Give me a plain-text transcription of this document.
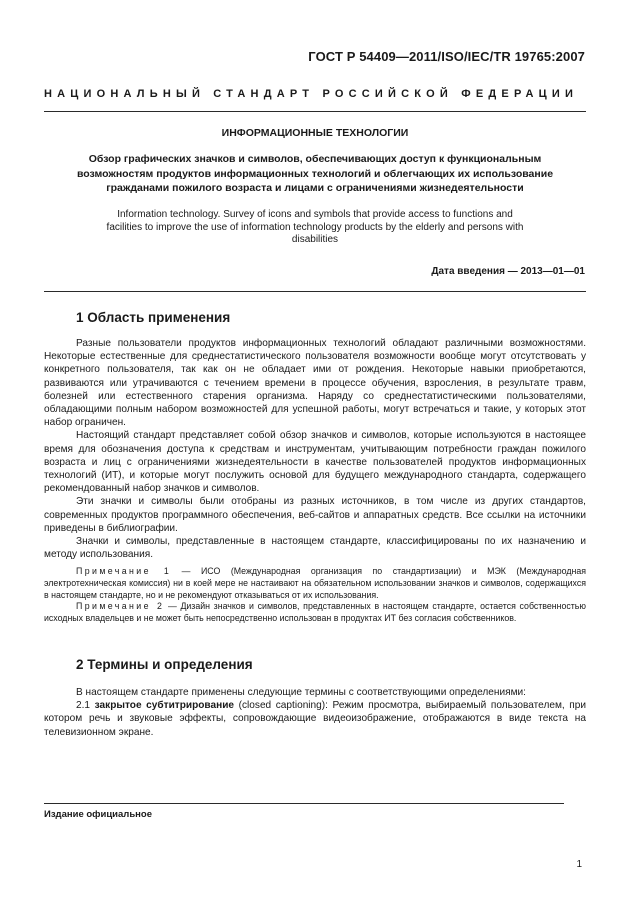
ГОСТ Р 54409—2011/ISO/IEC/TR 19765:2007
НАЦИОНАЛЬНЫЙ СТАНДАРТ РОССИЙСКОЙ ФЕДЕРАЦИИ
ИНФОРМАЦИОННЫЕ ТЕХНОЛОГИИ
Обзор графических значков и символов, обеспечивающих доступ к функциональным возможностям продуктов информационных технологий и облегчающих их использование гражданами пожилого возраста и лицами с ограничениями жизнедеятельности
Information technology. Survey of icons and symbols that provide access to functions and facilities to improve the use of information technology products by the elderly and persons with disabilities
Дата введения — 2013—01—01
1 Область применения

Разные пользователи продуктов информационных технологий обладают различными возможностями. Некоторые естественные для среднестатистического пользователя возможности вообще могут отсутствовать у конкретного пользователя, так как он не обладает ими от рождения. Некоторые навыки приобретаются, развиваются или утрачиваются с течением времени в процессе обучения, взросления, в результате травм, болезней или естественного старения организма. Наряду со среднестатистическими пользователями, обладающими полным набором возможностей для успешной работы, могут встречаться и такие, у которых этот набор ограничен.

Настоящий стандарт представляет собой обзор значков и символов, которые используются в настоящее время для обозначения доступа к средствам и инструментам, учитывающим потребности граждан пожилого возраста и лиц с ограничениями жизнедеятельности в качестве пользователей продуктов информационных технологий (ИТ), и которые могут послужить основой для будущего международного стандарта, содержащего рекомендованный набор значков и символов.

Эти значки и символы были отобраны из разных источников, в том числе из других стандартов, современных продуктов программного обеспечения, веб-сайтов и аппаратных средств. Все ссылки на источники приведены в библиографии.

Значки и символы, представленные в настоящем стандарте, классифицированы по их назначению и методу использования.

Примечание 1 — ИСО (Международная организация по стандартизации) и МЭК (Международная электротехническая комиссия) ни в коей мере не настаивают на обязательном использовании значков и символов, содержащихся в настоящем стандарте, но и не рекомендуют отказываться от их использования.

Примечание 2 — Дизайн значков и символов, представленных в настоящем стандарте, остается собственностью исходных владельцев и не может быть непосредственно использован в продуктах ИТ без согласия собственников.

2 Термины и определения

В настоящем стандарте применены следующие термины с соответствующими определениями:

2.1 закрытое субтитрирование (closed captioning): Режим просмотра, выбираемый пользователем, при котором речь и звуковые эффекты, сопровождающие видеоизображение, отображаются в виде текста на телевизионном экране.

Издание официальное
1
